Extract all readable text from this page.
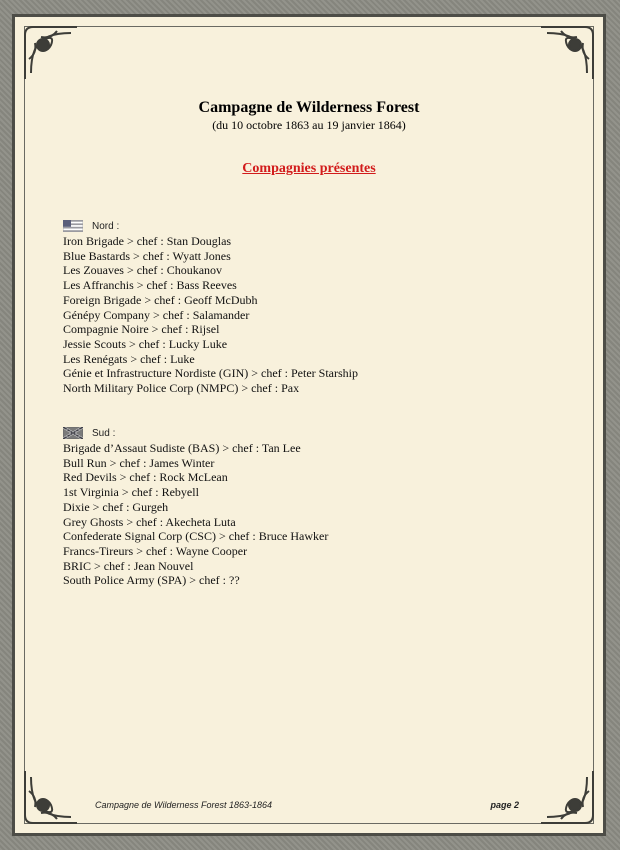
Campagne de Wilderness Forest
(du 10 octobre 1863 au 19 janvier 1864)
Compagnies présentes
Nord :
Iron Brigade > chef : Stan Douglas
Blue Bastards > chef : Wyatt Jones
Les Zouaves > chef : Choukanov
Les Affranchis > chef : Bass Reeves
Foreign Brigade > chef : Geoff McDubh
Génépy Company > chef : Salamander
Compagnie Noire > chef : Rijsel
Jessie Scouts > chef : Lucky Luke
Les Renégats > chef : Luke
Génie et Infrastructure Nordiste (GIN) > chef : Peter Starship
North Military Police Corp (NMPC) > chef : Pax
Sud :
Brigade d’Assaut Sudiste (BAS) > chef : Tan Lee
Bull Run > chef : James Winter
Red Devils > chef : Rock McLean
1st Virginia > chef : Rebyell
Dixie > chef : Gurgeh
Grey Ghosts > chef : Akecheta Luta
Confederate Signal Corp (CSC) > chef : Bruce Hawker
Francs-Tireurs > chef : Wayne Cooper
BRIC > chef : Jean Nouvel
South Police Army (SPA) > chef : ??
Campagne de Wilderness Forest 1863-1864	page 2
